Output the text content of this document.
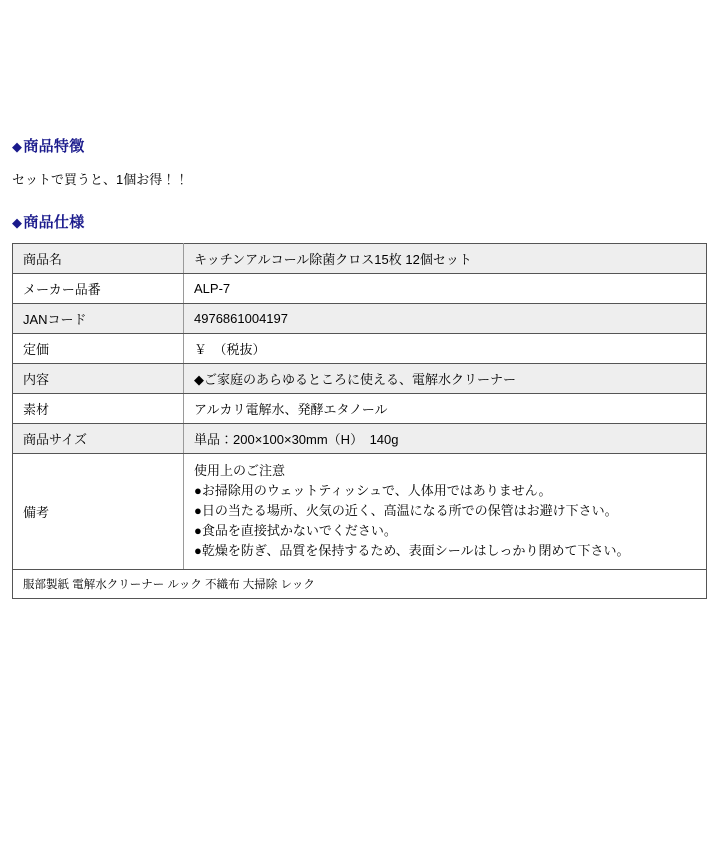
◆商品特徴
セットで買うと、1個お得！！
◆商品仕様
商品名	キッチンアルコール除菌クロス15枚 12個セット
メーカー品番	ALP-7
JANコード	4976861004197
定価	￥　（税抜）
内容	◆ご家庭のあらゆるところに使える、電解水クリーナー
素材	アルカリ電解水、発酵エタノール
商品サイズ	単品：200×100×30mm（H）　140g
備考	使用上のご注意
●お掃除用のウェットティッシュで、人体用ではありません。
●日の当たる場所、火気の近く、高温になる所での保管はお避け下さい。
●食品を直接拭かないでください。
●乾燥を防ぎ、品質を保持するため、表面シールはしっかり閉めて下さい。

服部製紙 電解水クリーナー ルック 不織布 大掃除 レック	
